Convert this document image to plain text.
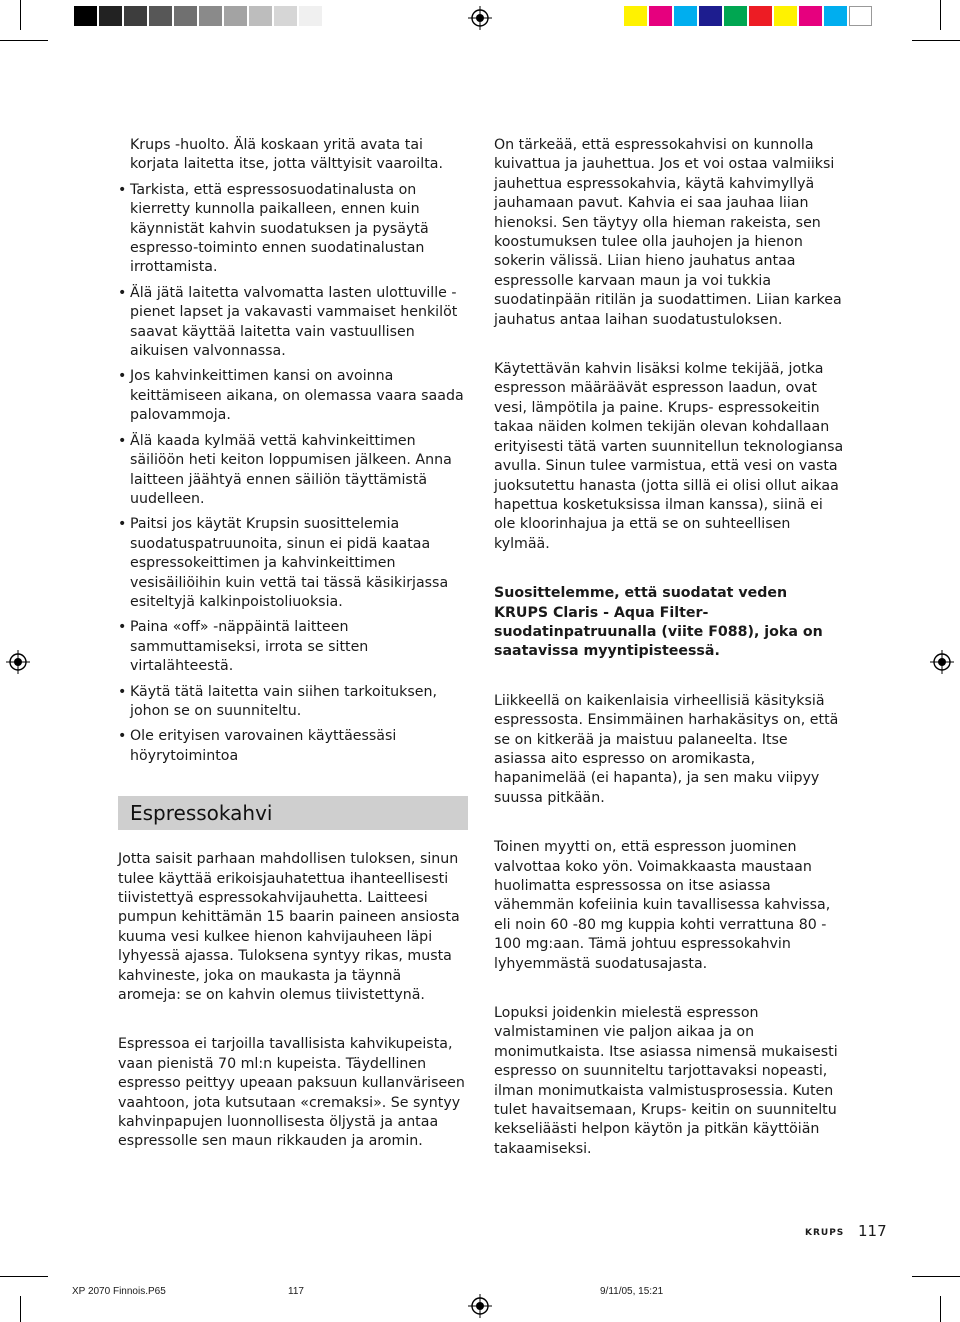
Krups -huolto. Älä koskaan yritä avata tai korjata laitetta itse, jotta välttyisit vaaroilta.

• Tarkista, että espressosuodatinalusta on kierretty kunnolla paikalleen, ennen kuin käynnistät kahvin suodatuksen ja pysäytä espresso-toiminto ennen suodatinalustan irrottamista.

• Älä jätä laitetta valvomatta lasten ulottuville - pienet lapset ja vakavasti vammaiset henkilöt saavat käyttää laitetta vain vastuullisen aikuisen valvonnassa.

• Jos kahvinkeittimen kansi on avoinna keittämiseen aikana, on olemassa vaara saada palovammoja.

• Älä kaada kylmää vettä kahvinkeittimen säiliöön heti keiton loppumisen jälkeen. Anna laitteen jäähtyä ennen säiliön täyttämistä uudelleen.

• Paitsi jos käytät Krupsin suosittelemia suodatuspatruunoita, sinun ei pidä kaataa espressokeittimen ja kahvinkeittimen vesisäiliöihin kuin vettä tai tässä käsikirjassa esiteltyjä kalkinpoistoliuoksia.

• Paina «off» -näppäintä laitteen sammuttamiseksi, irrota se sitten virtalähteestä.

• Käytä tätä laitetta vain siihen tarkoituksen, johon se on suunniteltu.

• Ole erityisen varovainen käyttäessäsi höyrytoimintoa

Espressokahvi

Jotta saisit parhaan mahdollisen tuloksen, sinun tulee käyttää erikoisjauhatettua ihanteellisesti tiivistettyä espressokahvijauhetta. Laitteesi pumpun kehittämän 15 baarin paineen ansiosta kuuma vesi kulkee hienon kahvijauheen läpi lyhyessä ajassa. Tuloksena syntyy rikas, musta kahvineste, joka on maukasta ja täynnä aromeja: se on kahvin olemus tiivistettynä.

Espressoa ei tarjoilla tavallisista kahvikupeista, vaan pienistä 70 ml:n kupeista. Täydellinen espresso peittyy upeaan paksuun kullanväriseen vaahtoon, jota kutsutaan «cremaksi». Se syntyy kahvinpapujen luonnollisesta öljystä ja antaa espressolle sen maun rikkauden ja aromin.

On tärkeää, että espressokahvisi on kunnolla kuivattua ja jauhettua. Jos et voi ostaa valmiiksi jauhettua espressokahvia, käytä kahvimyllyä jauhamaan pavut. Kahvia ei saa jauhaa liian hienoksi. Sen täytyy olla hieman rakeista, sen koostumuksen tulee olla jauhojen ja hienon sokerin välissä. Liian hieno jauhatus antaa espressolle karvaan maun ja voi tukkia suodatinpään ritilän ja suodattimen. Liian karkea jauhatus antaa laihan suodatustuloksen.

Käytettävän kahvin lisäksi kolme tekijää, jotka espresson määräävät espresson laadun, ovat vesi, lämpötila ja paine. Krups- espressokeitin takaa näiden kolmen tekijän olevan kohdallaan erityisesti tätä varten suunnitellun teknologiansa avulla. Sinun tulee varmistua, että vesi on vasta juoksutettu hanasta (jotta sillä ei olisi ollut aikaa hapettua kosketuksissa ilman kanssa), siinä ei ole kloorinhajua ja että se on suhteellisen kylmää.

Suosittelemme, että suodatat veden KRUPS Claris - Aqua Filter-suodatinpatruunalla (viite F088), joka on saatavissa myyntipisteessä.

Liikkeellä on kaikenlaisia virheellisiä käsityksiä espressosta. Ensimmäinen harhakäsitys on, että se on kitkerää ja maistuu palaneelta. Itse asiassa aito espresso on aromikasta, hapanimelää (ei hapanta), ja sen maku viipyy suussa pitkään.

Toinen myytti on, että espresson juominen valvottaa koko yön. Voimakkaasta maustaan huolimatta espressossa on itse asiassa vähemmän kofeiinia kuin tavallisessa kahvissa, eli noin 60 -80 mg kuppia kohti verrattuna 80 - 100 mg:aan. Tämä johtuu espressokahvin lyhyemmästä suodatusajasta.

Lopuksi joidenkin mielestä espresson valmistaminen vie paljon aikaa ja on monimutkaista. Itse asiassa nimensä mukaisesti espresso on suunniteltu tarjottavaksi nopeasti, ilman monimutkaista valmistusprosessia. Kuten tulet havaitsemaan, Krups- keitin on suunniteltu kekseliäästi helpon käytön ja pitkän käyttöiän takaamiseksi.

KRUPS 117
XP 2070 Finnois.P65	117	9/11/05, 15:21
